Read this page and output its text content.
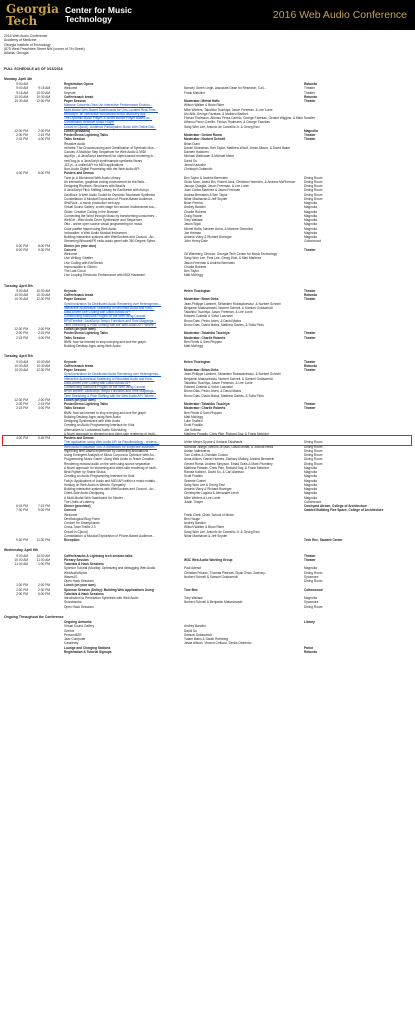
Georgia
Tech
Center for Music
Technology	2016 Web Audio Conference
2016 Web Audio Conference
Academy of Medicine
Georgia Institute of Technology
(875 West Peachtree Street NW (corner of 7th Street)
Atlanta, Georgia
FULL SCHEDULE AS OF 3/16/2016
Monday, April 4th
9:00 AM	Registration Opens	Rotunda
9:00 AM	9:15 AM	Welcome	Nancey Green Leigh, Associate Dean for Research, Coll...	Theater
9:15 AM	10:00 AM	Keynote	Frank Melchior	Theater
10:00 AM	10:30 AM	Coffee/snack break	Rotunda
10:30 AM	12:30 PM	Paper Session	Moderator: Mirhat Hafiz	Theater
Massive Concerts Onus: An Interactive Performance Environ...	Wilson Walker & Brian Rider
Multi-Modal Web-Based Dashboards for Geo-Located Real-Time...	Mike Winters, Takahiko Tsuchiya, Jason Freeman, & Lee Lonie
mixMorph: an interactive moodboard music discovery app	Alo Allik, George Fazekas, & Mathieu Barthet
The Dynamic Music Player: A Smart Mobile Player Based on...	Florian Thalmann, Alfonso Perez-Carrillo, George Fazekas, Geraint Wiggins, & Mark Sandler
Combination Reactive Music Player	Alfonso Perez-Carrillo, Florian Thalmann, & George Fazekas
Crowd in C[loud] : Audience Participation Music with Online Dat...	Sang Won Lee, Antonio de Carvalho Jr. & Georg Essl
12:30 PM	2:00 PM	Lunch (provided)	Magnolia
2:00 PM	2:15 PM	Poster/Demo Lightning Talks	Moderator: Gerard Roma	Theater
2:15 PM	4:00 PM	Talks Session	Moderator: Norbert Schnell	Theater
Reactive Audio	Brian Dunn
mHarbs: The Crowdsourcing and Gamification of Symbolic Mus...	Daniel Shanahan, Ben Taylor, Matthew Woolf, Jesse Allison, & David Baker
Canvas: A Modular Step Sequencer for Web Audio & MIDI	Damien Haldoren
layoff.js – A JavaScript framework for object-based rendering in...	Michael Weitnauer & Michael Meier
nexGrog.js: a JavaScript synth/sample synthesis library	David Su
JZZ.js - a unified API for MIDI applications	Jemal Kadoshe
Non-Audio Digital Processing with the Web Audio API	Christoph Guttandin
4:00 PM	6:00 PM	Posters and Demos
Tune.js: A Microtonal Web Audio Library	Ben Taylor & Andrew Bernstein	Dining Room
An interactive, graphical coding environment for the Bela...	Giulio Moro, Astrid Bin, Robert Jack, Christian Heinrichs, & Andrew McPherson	Dining Room
Designing Rhythms: Structures with BeatJs	Jacopo Quaglia, Jason Freeman, & Lee Lonie	Dining Room
A JavaScript Pitch Shifting Library for EarSketch with Asm.js	Juan Carlos Martinez & Jason Freeman	Dining Room
GeoBuzz: A Web Audio Toolkit for Dynamic Stochastic Synthesis	Andrea Bernstein & Ben Taylor	Dining Room
Constellation: A Musical Exploration of Phone-Based Audience...	Nihar Madhavan & Jeff Snyder	Dining Room
SeaFlock - a music production web app	Brian Pereira	Magnolia
Virtual Sound Gallery: a web stage for random multichannel sou...	Andrey Bandini	Magnolia
Glider: Creative Coding in the Browser	Charlie Roberts	Magnolia
Connecting the Word through Music by transforming consumers...	Craig Swann	Magnolia
WebDH - Web Audio Drum Synthesizer and Sequencer	Tony Wallace	Magnolia
Otto - online open source visual programming for music	Jason Sigal	Magnolia
Color palette based using Web Audio	Michel Buffa, Naveen Arora, & Maxime Demolins	Magnolia
Inchwalker: a Web Audio Musical Instrument	Joe Helman	Magnolia
Building interactive systems with WebSockets and Csound - An...	Antonis Vlavy & Richard Bozinger	Magnolia
Streaming Binaural/FR radio audio panel with 360 Degree Spher...	John Henry Dale	Cottonwood
6:00 PM	8:00 PM	Dinner (on your own)
8:00 PM	9:30 PM	Concert	Theater
Welcome	Gil Weinberg, Director, Georgia Tech Center for Music Technology
Live Writing: Gbalter	Sang Won Lee, Park Lee, Georg Essl, & Mari Martinez
Live Coding with EarSketch	Jason Freeman & Andrew Bernstein
Improvisation in Gibber	Charlie Roberts
The Last Cloud	Ben Taylor
Live Looping Electronic Performance with MIDI Hardware	Matt McKegg
Tuesday, April 5th
9:00 AM	10:00 AM	Keynote	Helen Thorington	Theater
10:00 AM	10:30 AM	Coffee/snack break	Rotunda
10:30 AM	12:30 PM	Paper Session	Moderator: Brian Dirks	Theater
Synchronization for Distributed Audio Rendering over Heterogeneo...	Jean-Philippe Lambert, Sébastien Robaszkiewicz, & Norbert Schnell
Interactive Audiovisual Scattering of Recorded Audio and Rela...	Benjamin Matuszewski, Norbert Schnell, & Samuel Goldszmidt
Data-Driven Live Coding with DataToMusic API	Takahiko Tsuchiya, Jason Freeman, & Lee Lonie
Constructing AudioUnit Plugins on the Web using Csound	Edward Costello & Victor Lazzarini
BPMTimeline: JavaScript Tempo Functions and Time Mappings...	Bruno Dias, Pedro Alves, & David Matos
Time Stretching & Pitch Shifting with the Web Audio API: Where...	Bruno Dias, David Matos, Matthew Davies, & Sofia Pinto
12:30 PM	2:00 PM	Lunch (on your own)
2:00 PM	2:15 PM	Poster/Demo Lightning Talks	Moderator: Takahiko Tsuchiya	Theater
2:15 PM	4:00 PM	Talks Session	Moderator: Charlie Roberts	Theater
BMN: how we learned to stop worrying and love the graph	Ben Fields & Sam Phippen
Building Desktop Apps using Web Audio	Matt McKegg
Tuesday, April 5th
9:00 AM	10:00 AM	Keynote	Helen Thorington	Theater
10:00 AM	10:30 AM	Coffee/snack break	Rotunda
10:30 AM	12:30 PM	Paper Session	Moderator: Brian Dirks	Theater
Synchronization for Distributed Audio Rendering over Heterogeneo...	Jean-Philippe Lambert, Sébastien Robaszkiewicz, & Norbert Schnell
Interactive Audiovisual Scattering of Recorded Audio and Rela...	Benjamin Matuszewski, Norbert Schnell, & Samuel Goldszmidt
Data-Driven Live Coding with DataToMusic API	Takahiko Tsuchiya, Jason Freeman, & Lee Lonie
Constructing AudioUnit Plugins on the Web using Csound	Edward Costello & Victor Lazzarini
BPMTimeline: JavaScript Tempo Functions and Time Mappings...	Bruno Dias, Pedro Alves, & David Matos
Time Stretching & Pitch Shifting with the Web Audio API: Where...	Bruno Dias, David Matos, Matthew Davies, & Sofia Pinto
12:30 PM	2:00 PM	Lunch (on your own)
2:00 PM	2:15 PM	Poster/Demo Lightning Talks	Moderator: Takahiko Tsuchiya	Theater
2:15 PM	4:00 PM	Talks Session	Moderator: Charlie Roberts	Theater
BMN: how we learned to stop worrying and love the graph	Ben Fields & Sam Phippen
Building Desktop Apps using Web Audio	Matt McKegg
Designing Synthesizers with Web Audio	Luke Teaford
Creating an Audio Programming Interface for Kids	Scott Fradkin
Alternatives to Lookahead Audio Scheduling	Joe Sullivan
A Novel approach to streaming and client-side rendering of multi...	Matthew Paradis, Chris Pike, Richard Day, & Frank Melchior
4:00 PM	5:45 PM	Posters and Demos
Thin application using Web Audio API for Recollectology - retrieva...	Ulrike Meyer-Sporte & Kedarsi Takahashi	Dining Room
Web Audio Evaluation Tool: A framework for subjective assessm...	Nicholas Jillings, Brecht De Man, David Moffat, & Joshua Reiss	Dining Room
Improving time-based experience by combining annotations	Adrian Vallebreros	Dining Room
Using Emergent Analysis of Music Corpora to Optimize Web Au...	Tom Collins & Christian Coulon	Dining Room
Programming Music Game: Using Web Audio to Teach Creative...	Anna Allison, Daniel Holmes, Zachary Mulkey, Andrea Bernstein	Dining Room
Rendering musical audio on the web using source separation	Gerard Roma, Andrew Simpson, Emad Grais & Mark Plumbley	Dining Room
A Novel approach for streaming and client-side rendering of multi...	Matthew Paradis, Chris Pike, Richard Day, & Frank Melchior	Magnolia
Beat Fighter by Shake Shaka	Ramza Kaldron, David Su, & Carl Alaneau	Magnolia
Creating an Audio Programming Interface for Kids	Scott Fradkin	Magnolia
Fab.js: Applications of Audio and MIDI API within a music notatio...	Graeme Gutnel	Magnolia
Hosting on Web Audio is Weirdo, Sympathy	Sang Won Lee & Georg Essl	Magnolia
Building interactive systems with WebSockets and Csound - An...	Antonis Vlavy & Richard Bozinger	Magnolia
Client-Side Audio Declipping	Christopher Laguna & Alexander Lerch	Magnolia
A Multi-Modal Web Dashboard for Sleuter	Mike Winters & Lee Lonie	Magnolia
The Limits of Latency	Justin Thayer	Cottonwood
6:15 PM	7:15 PM	Dinner (provided)	Courtyard Atrium, College of Architecture
7:30 PM	9:00 PM	Concert	Caddell Building Flex Space, College of Architecture
Welcome	Frank Clark, Chair, School of Music
Ornithological Blog Poem	Ben Houge
Concert for Smartphones	Andrey Bandini
Cross-Town Traffic 2.0	Wilson Walker & Brian Rider
Crowd in C[loud]	Sang Won Lee, Antonio de Carvalho Jr. & Georg Essl
Constellation: A Musical Exploration of Phone-Based Audience...	Nihar Madhavan & Jeff Snyder
9:30 PM	11:30 PM	Reception	Tech Rec, Student Center
Wednesday, April 6th
9:00 AM	10:00 AM	Coffee/snacks & Lightning tech session talks	Theater
10:00 AM	11:00 AM	Plenary Session	W3C Web Audio Working Group	Theater
11:00 AM	1:00 PM	Tutorials & Hack Sessions
Sponsor Tutorial (Mozilla): Optimizing and debugging Web Audio	Paul Adenot	Magnolia
WebAudioNprox	Christian Frisson, Thomas Pietrzak, Siyan Zhao, Zachary...	Dining Room
WavesJS	Norbert Schnell & Samuel Goldszmidt	Sycamore
Open Hack Sessions	Dining Room
1:00 PM	2:00 PM	Lunch (on your own)
2:00 PM	2:30 PM	Sponsor Session (Dolby): Building Web Applications Using	True Brie	Cottonwood
2:00 PM	6:00 PM	Tutorials & Hack Sessions
Introduction to Percussion Synthesis with Web Audio	Tony Wallace	Magnolia
Soundworks	Norbert Schnell & Benjamin Matuszewski	Sycamore
Open Hack Sessions	Dining Room
Ongoing Throughout the Conference
Ongoing Artworks	Library
Virtual Sound Gallery	Andrey Bandini
Greeve	David Su
PersonaliZR	Samuel Goldszmidt
Jazz Computer	Yotam Mann & Sarah Rothberg
Cassievity	Jesse Allison, Vincent Cellucci, Derick Ostrenko
Lounge and Charging Stations	Parlor
Registration & Tutorial Signups	Rotunda
